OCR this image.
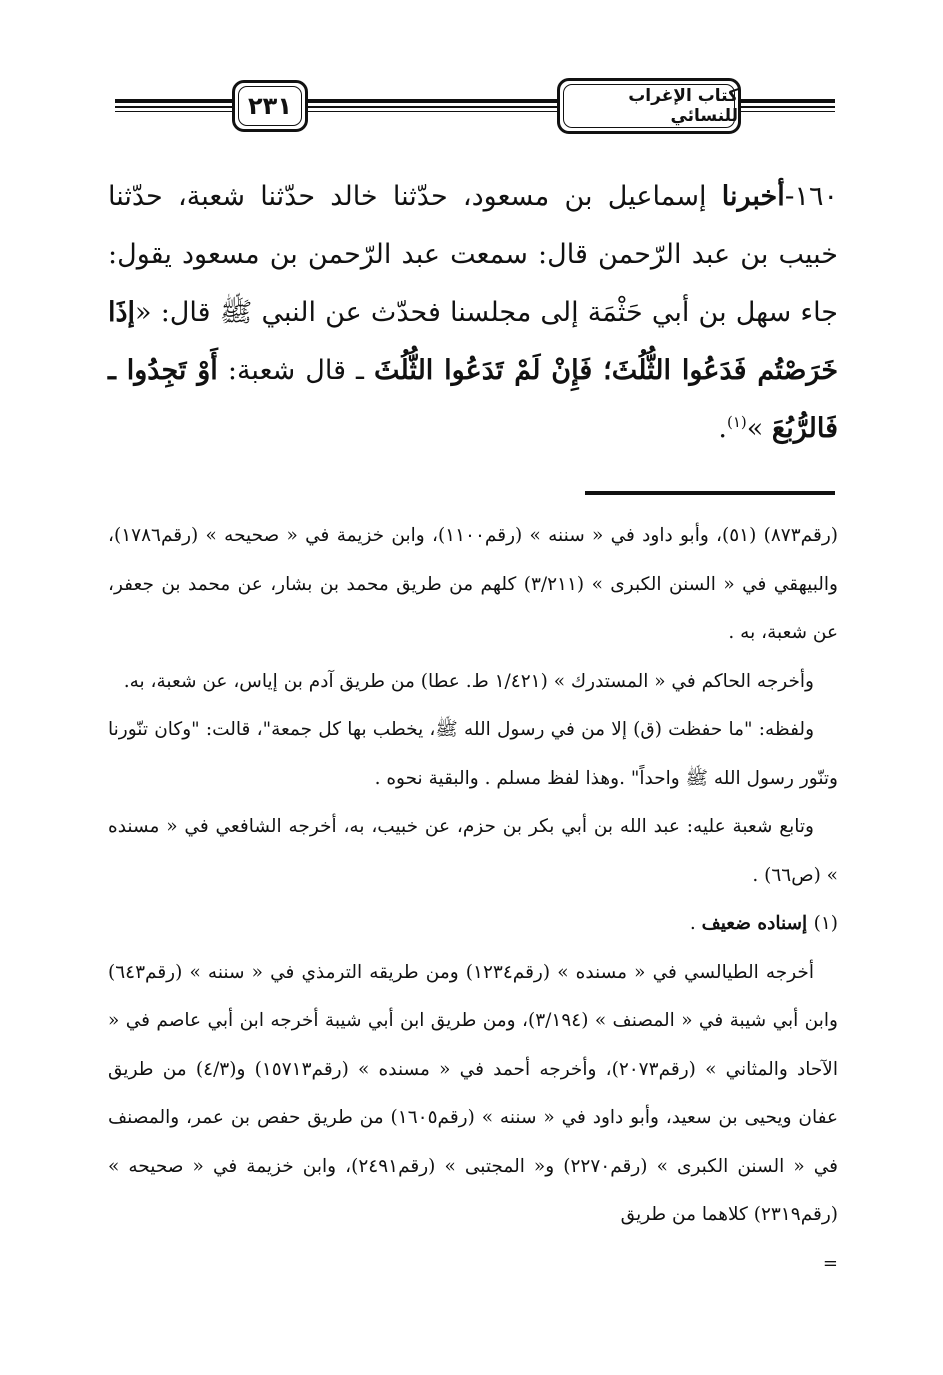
٢٣١	كتاب الإغراب للنسائي

١٦٠-أخبرنا إسماعيل بن مسعود، حدّثنا خالد حدّثنا شعبة، حدّثنا خبيب بن عبد الرّحمن قال: سمعت عبد الرّحمن بن مسعود يقول: جاء سهل بن أبي حَثْمَة إلى مجلسنا فحدّث عن النبي ﷺ قال: «إذَا خَرَصْتُم فَدَعُوا الثُّلُثَ؛ فَإِنْ لَمْ تَدَعُوا الثُّلُثَ ـ قال شعبة: أَوْ تَجِدُوا ـ فَالرُّبُعَ »$^{(١)}$.

(رقم٨٧٣) (٥١)، وأبو داود في « سننه » (رقم١١٠٠)، وابن خزيمة في « صحيحه » (رقم١٧٨٦)، والبيهقي في « السنن الكبرى » (٣/٢١١) كلهم من طريق محمد بن بشار، عن محمد بن جعفر، عن شعبة، به .

وأخرجه الحاكم في « المستدرك » (١/٤٢١ ط. عطا) من طريق آدم بن إياس، عن شعبة، به.

ولفظه: "ما حفظت (ق) إلا من في رسول الله ﷺ، يخطب بها كل جمعة"، قالت: "وكان تنّورنا وتنّور رسول الله ﷺ واحداً" .وهذا لفظ مسلم . والبقية نحوه .

وتابع شعبة عليه: عبد الله بن أبي بكر بن حزم، عن خبيب، به، أخرجه الشافعي في « مسنده » (ص٦٦) .

(١) إسناده ضعيف .

أخرجه الطيالسي في « مسنده » (رقم١٢٣٤) ومن طريقه الترمذي في « سننه » (رقم٦٤٣) وابن أبي شيبة في « المصنف » (٣/١٩٤)، ومن طريق ابن أبي شيبة أخرجه ابن أبي عاصم في « الآحاد والمثاني » (رقم٢٠٧٣)، وأخرجه أحمد في « مسنده » (رقم١٥٧١٣) و(٤/٣) من طريق عفان ويحيى بن سعيد، وأبو داود في « سننه » (رقم١٦٠٥) من طريق حفص بن عمر، والمصنف في « السنن الكبرى » (رقم٢٢٧٠) و« المجتبى » (رقم٢٤٩١)، وابن خزيمة في « صحيحه » (رقم٢٣١٩) كلاهما من طريق

=
